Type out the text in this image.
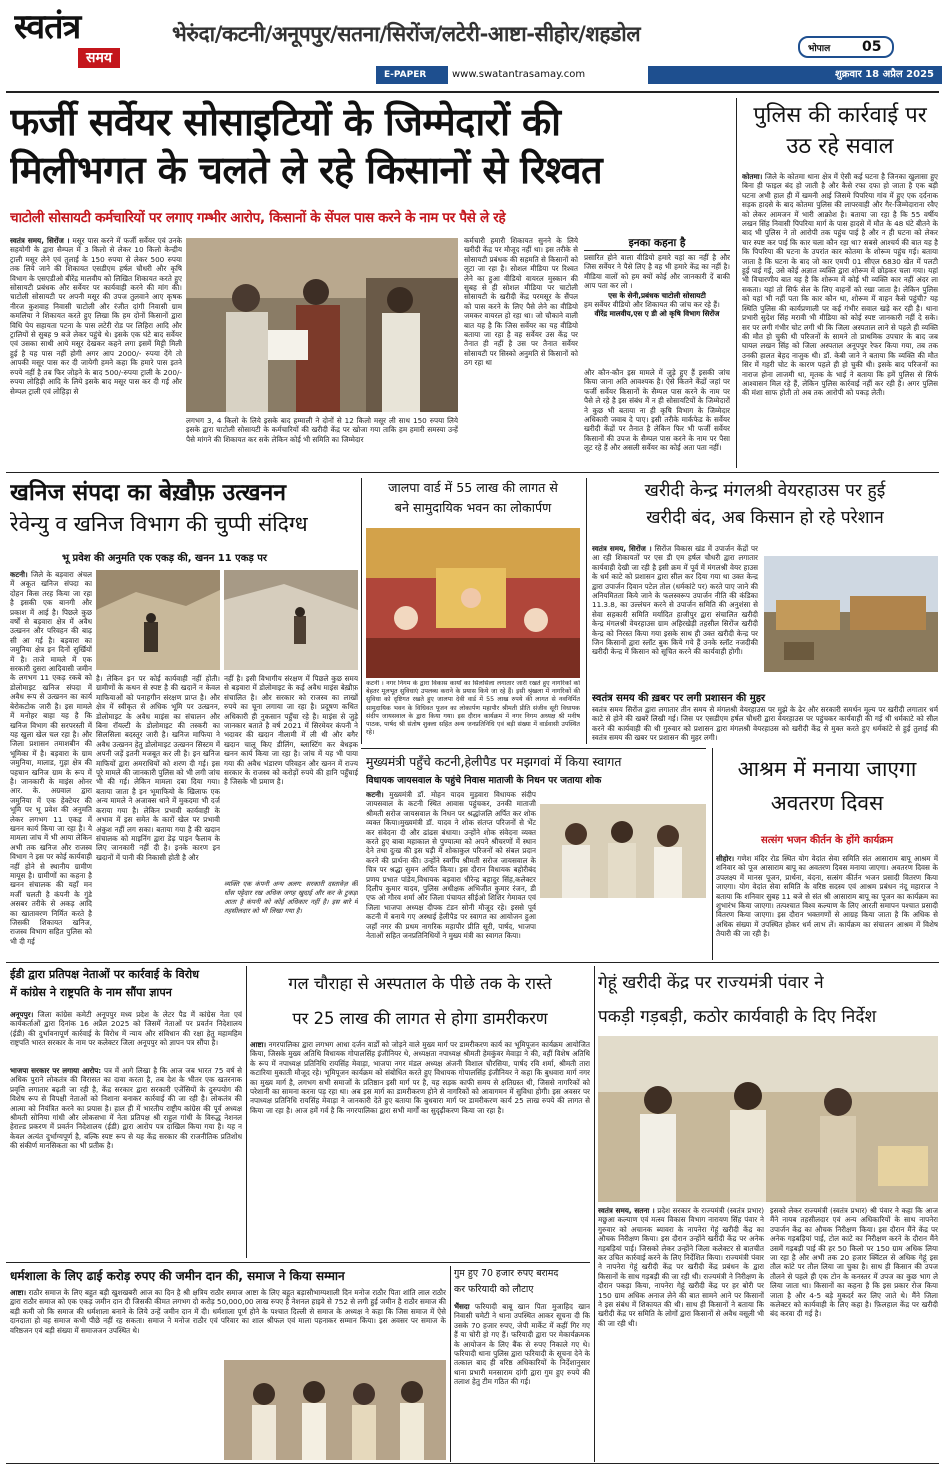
स्वतंत्र
समय
भेरुंदा/कटनी/अनूपपुर/सतना/सिरोंज/लटेरी-आष्टा-सीहोर/शहडोल
भोपाल 05
E-PAPER	www.swatantrasamay.com	शुक्रवार 18 अप्रैल 2025
फर्जी सर्वेयर सोसाइटियों के जिम्मेदारों की
मिलीभगत के चलते ले रहे किसानों से रिश्वत
चाटोली सोसायटी कर्मचारियों पर लगाए गम्भीर आरोप, किसानों के सेंपल पास करने के नाम पर पैसे ले रहे
स्वतंत्र समय, सिरोंज । मसूर पास करने में फर्जी सर्वेयर एवं उनके सहयोगी के द्वारा सैम्पल में 3 किलो से लेकर 10 किलो केन्द्रीय ट्राली मसूर लेने एवं तुलाई के 150 रुपया से लेकर 500 रुपया तक लिये जाने की शिकायत एसडीएम हर्षल चौधरी और कृषि विभाग के एसएडीओ बीरेंद्र मालवीय को लिखित शिकायत करते हुए सोसायटी प्रबंधक और सर्वेयर पर कार्यवाही करने की मांग की। चाटोली सोसायटी पर अपनी मसूर की उपज तुलवाने आए कृषक नीरज कुशवाह निवासी चाटोली और रंजीत दांगी निवासी ग्राम कमलिया ने शिकायत करते हुए लिखा कि हम दोनों किसानों द्वारा विधि पेय सहायता पटना के पास लटेरी रोड पर लिहिरा आदि और ट्रालियों से सुबह 9 बजे लेकर पहुंचे थे। इसके एक घंटे बाद सर्वेयर एवं उसका साथी आये मसूर देखकर कहने लगा इसमें मिट्टी मिली हुई है यह पास नहीं होगी अगर आप 2000/- रुपया देंगे तो आपकी मसूर पास कर दी जायेगी हमने कहा कि हमारे पास इतने रुपये नहीं है तब फिर जोड़ने के बाद 500/-रुपया ट्राली के 200/- रुपया लोहिड़ी आदि के लिये इसके बाद मसूर पास कर दी गई और सेम्पल ट्राली एवं लोहिड़ा से
लगभग 3, 4 किलो के लिये इसके बाद हम्माली ने दोनों से 12 किलो मसूर ली साथ 150 रुपया लिये इसके द्वारा चाटोली सोसायटी के कर्मचारियों की खरीदी केंद्र पर खोजा गया ताकि हम हमारी समस्या उन्हें पैसे मांगने की शिकायत कर सके लेकिन कोई भी समिति का जिम्मेदार
कर्मचारी हमारी शिकायत सुनने के लिये खरीदी केंद्र पर मौजूद नहीं था। इस तरीके से सोसायटी प्रबंधक की सहमति से किसानों को लूटा जा रहा है। सोशल मीडिया पर रिश्वत लेने का हुआ वीडियो वायरल मुस्कान की सुबह से ही सोशल मीडिया पर चाटोली सोसायटी के खरीदी केंद्र परमसूर के सैंपल को पास करने के लिए पैसे लेने का वीडियो जमकर वायरल हो रहा था। जो चौकाने वाली बात यह है कि जिस सर्वेयर का यह वीडियो बताया जा रहा है वह सर्वेयर उस केंद्र पर तैनात ही नहीं है उस पर तैनात सर्वेयर सोसायटी पर सिस्को अनुमति से किसानों को ठग रहा था
इनका कहना है
प्रसारित होने वाला वीडियो हमारे यहां का नहीं है और जिस सर्वेयर ने पैसे लिए है वह भी हमारे केंद्र का नहीं है। मीडिया वालों को हम क्यों कोई और जानकारी दें बाकी आप पता कर लो ।
एस के सेनी,प्रबंधक चाटोली सोसायटी
हम सर्वेयर वीडियो और शिकायत की जांच कर रहे हैं।
वीरेंद्र मालवीय,एस ए डी ओ कृषि विभाग सिरोंज
और कौन-कौन इस मामले में जुड़े हुए हैं इसकी जांच किया जाना अति आवश्यक है। ऐसे कितने केंद्रों जहां पर फर्जी सर्वेयर किसानों के सैम्पल पास करने के नाम पर पैसे ले रहे है इस संबंध में न ही सोसायटियों के जिम्मेदारों ने कुछ भी बताया ना ही कृषि विभाग के जिम्मेदार अधिकारी जवाब दे पाए। इसी तरीके मार्कफेड के सर्वेयर खरीदी केंद्रों पर तैनात है लेकिन फिर भी फर्जी सर्वेयर किसानों की उपज के सैम्पल पास करने के नाम पर पैसा लूट रहे हैं और असली सर्वेयर का कोई अता पता नहीं।
पुलिस की कार्रवाई पर उठ रहे सवाल
कोतमा। जिले के कोतमा थाना क्षेत्र में ऐसी कई घटना है जिनका खुलासा हुए बिना ही फाइल बंद हो जाती है और कैसे रफा दफा हो जाता है एक बड़ी घटना अभी हाल ही में खमनी आई जिसमे पिपरिया गांव में हुए एक दर्दनाक सड़क हादसे के बाद कोतमा पुलिस की लापरवाही और गैर-जिम्मेदाराना रवैए को लेकर आमजन में भारी आक्रोश है। बताया जा रहा है कि 55 वर्षीय लखन सिंह निवासी पिपरिया मार्ग के पास हादसे में मौत के 48 घंटे बीतने के बाद भी पुलिस ने तो आरोपी तक पहुंच पाई है और न ही घटना को लेकर चार स्पष्ट कर पाई कि कार चला कौन रहा था? सबसे आश्चर्य की बात यह है कि पिपरिया की घटना के उपरांत कार कोतमा के शोरूम पहुंच गई। बताया जाता है कि घटना के बाद जो कार एमपी 01 सीएल 6830 खेत में पलटी हुई पाई गई, उसे कोई अज्ञात व्यक्ति द्वारा शोरूम में छोड़कर चला गया। यहां भी विचारणीय बात यह है कि शोरूम में कोई भी व्यक्ति कार नहीं अंदर ला सकता। यहां तो सिर्फ सेल के लिए वाहनों को रखा जाता है। लेकिन पुलिस को यहां भी नहीं पता कि कार कौन था, शोरूम में वाहन कैसे पहुंची? यह स्थिति पुलिस की कार्यप्रणाली पर कई गंभीर सवाल खड़े कर रही है। थाना प्रभारी सुदेश सिंह मरावी भी मीडिया को कोई स्पष्ट जानकारी नहीं दे सके। सर पर लगी गंभीर चोट लगी थी कि जिला अस्पताल लाने से पहले ही व्यक्ति की मौत हो चुकी थी परिजनों के सामने तो प्राथमिक उपचार के बाद जब घायल लखन सिंह को जिला अस्पताल अनूपपुर रेफर किया गया, तब तक उनकी हालत बेहद नाजुक थी। डॉ. केबी जाने ने बताया कि व्यक्ति की मौत सिर में गहरी चोट के कारण पहले ही हो चुकी थी। इसके बाद परिजनों का नाराज होना लाजमी था, मृतक के भाई ने बताया कि हमें पुलिस से सिर्फ आश्वासन मिल रहे हैं, लेकिन पुलिस कार्रवाई नहीं कर रही है। अगर पुलिस की मंशा साफ होती तो अब तक आरोपी को पकड़ लेती।
खनिज संपदा का बेख़ौफ़ उत्खनन
रेवेन्यु व खनिज विभाग की चुप्पी संदिग्ध
भू प्रवेश की अनुमति एक एकड़ की, खनन 11 एकड़ पर
कटनी। जिले के बड़वारा अंचल में अकूत खनिज संपदा का दोहन किस तरह किया जा रहा है इसकी एक बानगी और प्रकाश में आई है। पिछले कुछ वर्षों से बड़वारा क्षेत्र में अवैध उत्खनन और परिवहन की बाढ़ सी आ गई है। बड़वारा का जमुनिया क्षेत्र इन दिनों सुर्खियों में है। ताजे मामले में एक सरकारी दुसरा आदिवासी जमीन के लगभग 11 एकड़ रकबे को डोलोमाइट खनिज संपदा में अवैध रूप से उत्खनन का कार्य बेरोकटोक जारी है। इस मामले में मनोहर बाहा यह है कि खनिज विभाग की सरपरस्ती में यह खुला खेल चल रहा है। और जिला प्रशासन तमाशबीन की भूमिका में है। बड़वारा के ग्राम जमुनिया, मालाड, गुड़ा क्षेत्र की पहचान खनिज ग्राम के रूप में है। जानकारी के माइंस ओनर आर. के. अग्रवाल द्वारा जमुनिया में एक हेक्टेयर की भूमि पर भू प्रवेश की अनुमति लेकर लगभग 11 एकड़ में खनन कार्य किया जा रहा है। ये मामला जांच में भी आया लेकिन अभी तक खनिज और राजस्व विभाग ने इस पर कोई कार्यवाही नहीं होने से स्थानीय ग्रामीण मायूस है। ग्रामीणों का कहना है खनन संचालक की यहाँ मन मर्जी चलती है कंपनी के गुंडे असबर तरीके से अकड़ आदि का खातावरण निर्मित करते है जिसकी शिकायत खनिज, राजस्व विभाग सहित पुलिस को भी दी गई
है। लेकिन इन पर कोई कार्यवाही नहीं होती। ग्रामीणों के कथन से स्पष्ट है की खदानें न केवल माफियाओं को पनाहगीन संरक्षण प्राप्त है। और क्षेत्र में स्वीकृत से अधिक भूमि पर उत्खनन, डोलोमाइट के अवैध माइंस का संचालन और बिना रॉयल्टी के डोलोमाइट की तस्करी का सिलसिला बदस्तूर जारी है। खनिज माफिया ने अवैध उत्खनन हेतु डोलोमाइट उत्खनन सिस्टम में अपनी जड़ें इतनी मजबूत कर ली है। इन खनिज माफियों द्वारा अमराधियों को शरण दी गई। इस पूरे मामले की जानकारी पुलिस को भी लगी जांच भी की गई। लेकिन मामला दबा दिया गया। बताया जाता है इन भूमाफियो के खिलाफ एक अन्य मामले ने अजाक्स थाने में मुकदमा भी दर्ज कराया गया है। लेकिन प्रभावी कार्यवाही के अभाव में इस समेत के कारों खेल पर प्रभावी अंकुश नहीं लग सका। बताया गया है की खदान संचालक को माइनिंग द्वारा डेढ़ पाइन फैलाव के लिए जानकारी नहीं दी है। इनके कारण इन खदानों में पानी की निकासी होती है और
नहीं है। इसी विभागीय संरक्षण में पिछले कुछ समय से बड़वारा में डोलोमाइट के कई अवैध माइंस बेख़ौफ़ संचालित है। और सरकार को राजस्व का लाखों रुपये का चूना लगाया जा रहा है। प्रदूषण कथित अधिकारी ही नुकसान पहुँचा रहे है। माइंस से जुड़े जानकार बताते है वर्ष 2021 में सिरमेयर कंपनी ने भदावर की खदान नीलामी में ली थी और बगैर खदान चालू किए डीलिंग, ब्लास्टिंग कर बेधड़क खनन कार्य किया जा रहा है। जांच में यह भी पाया गया की अवैध भंडारण परिवहन और खनन में राज्य सरकार के राजस्व को करोड़ों रुपये की हानि पहुँचाई है जिसके भी प्रमाण है।
व्यक्ति एक कंपनी अन्य अलग: सरकारी दस्तावेज़ की धोंस पट्टेदार रख अधिक जगह खुदाई और कर के टुकड़ा आता है कंपनी को कोई अधिकार नहीं है। इस बारे में तहसीलदार को भी लिखा गया है।
जालपा वार्ड में 55 लाख की लागत से
बने सामुदायिक भवन का लोकार्पण
कटनी । नगर निगम के द्वारा विकास कार्यों का सिलसिला लगातार जारी रखते हुए नागरिकों को बेहतर मूलभूत सुविधाएं उपलब्ध कराने के प्रयास किये जा रहे हैं। इसी श्रृंखला में नागरिकों की सुविधा को दृष्टिगत रखते हुए जालपा देवी वार्ड में 55 लाख रुपये की लागत से नवनिर्मित सामुदायिक भवन के विधिवत पूजन का लोकार्पण महापौर श्रीमती प्रीति संजीव सूरी विधायक संदीप जायसवाल के द्वारा किया गया। इस दौरान कार्यक्रम में नगर निगम अध्यक्ष श्री मनीष पाठक, पार्षद श्री संतोष शुक्ला सहित अन्य जनप्रतिनिधि एवं बड़ी संख्या में वार्डवासी उपस्थित रहे।
खरीदी केन्द्र मंगलश्री वेयरहाउस पर हुई
खरीदी बंद, अब किसान हो रहे परेशान
स्वतंत्र समय, सिरोंज । सिरोंज विकास खंड में उपार्जन केंद्रों पर आ रही शिकायतों पर एस डी एम हर्षल चौधरी द्वारा लगातार कार्यवाही देखी जा रही है इसी क्रम में पूर्व में मंगलश्री वेयर हाउस के धर्म काटे को प्रशासन द्वारा सील कर दिया गया था उक्त केन्द्र द्वारा उपार्जन दिवान पटेल तोल (धर्मकांटे पर) करते पाए जाने की अनियमितता किये जाने के फलस्वरूप उपार्जन नीति की कंडिका 11.3.8, का उल्लंघन करने से उपार्जन समिति की अनुशंसा से सेवा सहकारी समिति मर्यादित हाजीपुर द्वारा संचालित खरीदी केन्द्र मंगलश्री वेयरहाउस ग्राम अहिरखेड़ी तहसील सिरोंज खरीदी केन्द्र को निरस्त किया गया इसके साथ ही उक्त खरीदी केन्द्र पर जिन किसानों द्वारा स्लॉट बुक किये गये हैं उनके स्लॉट नजदीकी खरीदी केन्द्र में किसान को सूचित करने की कार्यवाही होगी।
स्वतंत्र समय की ख़बर पर लगी प्रशासन की मुहर
स्वतंत्र समय सिरोंज द्वारा लगातार तीन समय से मंगलश्री वेयरहाउस पर मुझे के ढेर और सरकारी समर्थन मूल्य पर खरीदी लगातार धर्म काटे से होने की खबरें लिखी गई। जिस पर एसडीएम हर्षल चौधरी द्वारा वेयरहाउस पर पहुंचकर कार्यवाही की गई थी धर्मकाटे को सील करने की कार्यवाही की थी गुरुवार को प्रशासन द्वारा मंगलश्री वेयरहाउस को खरीदी केंद्र से मुक्त करते हुए धर्मकांटे से हुई तुलाई की स्वतंत्र समय की खबर पर प्रशासन की मुहर लगी।
मुख्यमंत्री पहुँचे कटनी,हेलीपैड पर मझगवां में किया स्वागत
विधायक जायसवाल के पहुंचे निवास माताजी के निधन पर जताया शोक
कटनी। मुख्यमंत्री डॉ. मोहन यादव मुड़वारा विधायक संदीप जायसवाल के कटनी स्थित आवास पहुंचकर, उनकी माताजी श्रीमती सरोज जायसवाल के निधन पर श्रद्धांजलि अर्पित कर शोक व्यक्त किया।मुख्यमंत्री डॉ. यादव ने शोक संतप्त परिजनों से भेंट कर संवेदना दी और ढांढस बंधाया। उन्होंने शोक संवेदना व्यक्त करते हुए बाबा महाकाल से पुण्यात्मा को अपने श्रीचरणों में स्थान देने तथा दुःख की इस घड़ी में शोकाकुल परिजनों को संबल प्रदान करने की प्रार्थना की। उन्होंने स्वर्गीय श्रीमती सरोज जायसवाल के चित्र पर श्रद्धा सुमन अर्पित किया। इस दौरान विधायक बहोरीबंद प्रणय प्रभात पांडेय,विधायक बड़वारा धीरेन्द्र बहादुर सिंह,कलेक्टर दिलीप कुमार यादव, पुलिस अधीक्षक अभिजीत कुमार रंजन, डी एफ ओ गौरव शर्मा और जिला पंचायत सीईओ शिशिर गेमावत एवं जिला भाजपा अध्यक्ष दीपक टंडन सोनी मौजूद रहे। इससे पूर्व कटनी में बनाये गए अस्थाई हेलीपैड पर स्वागत का आयोजन हुआ जहाँ नगर की प्रथम नागरिक महापौर प्रीति सूरी, पार्षद, भाजपा नेताओं सहित जनप्रतिनिधियों ने मुख्य मंत्री का स्वागत किया।
आश्रम में मनाया जाएगा
अवतरण दिवस
सत्संग भजन कीर्तन के होंगे कार्यक्रम
सीहोर। गणेश मंदिर रोड स्थित योग वेदांत सेवा समिति संत आसाराम बापू आश्रम में शनिवार को पूज आसाराम बापू का अवतरण दिवस मनाया जाएगा। अवतरण दिवस के उपलक्ष्य में मानस पूजन, प्रार्थना, वंदना, सत्संग कीर्तन भजन प्रसादी वितरण किया जाएगा। योग वेदांत सेवा समिति के वरिष्ठ सदस्य एवं आश्रम प्रबंधन नंदू महाराज ने बताया कि शनिवार सुबह 11 बजे से संत श्री आसाराम बापू का पूजन का कार्यक्रम का शुभारंभ किया जाएगा। तत्पश्चात विश्व कल्याण के लिए आरती समापन पश्चात प्रसादी वितरण किया जाएगा। इस दौरान भक्तगणों से आग्रह किया जाता है कि अधिक से अधिक संख्या में उपस्थित होकर धर्म लाभ लें। कार्यक्रम का संचालन आश्रम में विशेष तैयारी की जा रही है।
ईडी द्वारा प्रतिपक्ष नेताओं पर कार्रवाई के विरोध
में कांग्रेस ने राष्ट्रपति के नाम सौंपा ज्ञापन
अनूपपुर। जिला कांग्रेस कमेटी अनूपपुर मध्य प्रदेश के लेटर पैड में कांग्रेस नेता एवं कार्यकर्ताओं द्वारा दिनांक 16 अप्रैल 2025 को जिसमें नेताओं पर प्रवर्तन निदेशालय (ईडी) की दुर्भावनापूर्ण कार्रवाई के विरोध में न्याय और संविधान की रक्षा हेतु महामहिम राष्ट्रपति भारत सरकार के नाम पर कलेक्टर जिला अनूपपुर को ज्ञापन पत्र सौंपा है।
भाजपा सरकार पर लगाया आरोप: पत्र में आगे लिखा है कि आज जब भारत 75 वर्ष से अधिक पुराने लोकतंत्र की विरासत का दावा करता है, तब देश के भीतर एक खतरनाक प्रवृत्ति लगातार बढ़ती जा रही है, केंद्र सरकार द्वारा सरकारी एजेंसियों के दुरुपयोग की विशेष रूप से विपक्षी नेताओं को निशाना बनाकर कार्रवाई की जा रही है। लोकतंत्र की आत्मा को नियंत्रित करने का प्रयास है। हाल ही में भारतीय राष्ट्रीय कांग्रेस की पूर्व अध्यक्ष श्रीमती सोनिया गांधी और लोकसभा में नेता प्रतिपक्ष श्री राहुल गांधी के विरुद्ध नेशनल हेराल्ड प्रकरण में प्रवर्तन निदेशालय (ईडी) द्वारा आरोप पत्र दाखिल किया गया है। यह न केवल अत्यंत दुर्भाग्यपूर्ण है, बल्कि स्पष्ट रूप से यह केंद्र सरकार की राजनीतिक प्रतिशोध की संकीर्ण मानसिकता का भी प्रतीक है।
गल चौराहा से अस्पताल के पीछे तक के रास्ते
पर 25 लाख की लागत से होगा डामरीकरण
आष्टा। नगरपालिका द्वारा लगभग आधा दर्जन वार्डों को जोड़ने वाले मुख्य मार्ग पर डामरीकरण कार्य का भूमिपूजन कार्यक्रम आयोजित किया, जिसके मुख्य अतिथि विधायक गोपालसिंह इंजीनियर थे, अध्यक्षता नपाध्यक्ष श्रीमती हेमकुंवर मेवाड़ा ने की, वहीं विशेष अतिथि के रूप में नपाध्यक्ष प्रतिनिधि रायसिंह मेवाड़ा, भाजपा नगर मंडल अध्यक्ष अंजनी विशाल चौरसिया, पार्षद रवि शर्मा, श्रीमती तारा कटारिया मुकाती मौजूद रहे। भूमिपूजन कार्यक्रम को संबोधित करते हुए विधायक गोपालसिंह इंजीनियर ने कहा कि बुधवारा मार्ग नगर का मुख्य मार्ग है, लगभग सभी समाजों के प्रतिष्ठान इसी मार्ग पर है, यह सड़क काफी समय से क्षतिग्रस्त थी, जिससे नागरिकों को परेशानी का सामना करना पड़ रहा था। अब इस मार्ग का डामरीकरण होने से नागरिकों को आवागमन में सुविधा होगी। इस अवसर पर नपाध्यक्ष प्रतिनिधि रायसिंह मेवाड़ा ने जानकारी देते हुए बताया कि बुधवारा मार्ग पर डामरीकरण कार्य 25 लाख रुपये की लागत से किया जा रहा है। आज हमें गर्व है कि नगरपालिका द्वारा सभी मार्गों का सुदृढ़ीकरण किया जा रहा है।
गेहूं खरीदी केंद्र पर राज्यमंत्री पंवार ने
पकड़ी गड़बड़ी, कठोर कार्यवाही के दिए निर्देश
स्वतंत्र समय, सतना । प्रदेश सरकार के राज्यमंत्री (स्वतंत्र प्रभार) मछुआ कल्याण एवं मत्स्य विकास विभाग नारायण सिंह पंवार ने गुरुवार को अचानक ब्यावरा के नापनेरा गेहूं खरीदी केंद्र का औचक निरीक्षण किया। इस दौरान उन्होंने खरीदी केंद्र पर अनेक गड़बड़ियां पाई। जिसको लेकर उन्होंने जिला कलेक्टर से बातचीत कर उचित कार्रवाई करने के लिए निर्देशित किया। राज्यमंत्री पंवार ने नापनेरा गेहूं खरीदी केंद्र पर खरीदी केंद्र प्रबंधन के द्वारा किसानों के साथ गड़बड़ी की जा रही थी। राज्यमंत्री ने निरीक्षण के दौरान पकड़ा किया, नापनेरा गेहूं खरीदी केंद्र पर हर बोरी पर 150 ग्राम अधिक अनाज लेने की बात सामने आने पर किसानों ने इस संबंध में शिकायत की थी। साथ ही किसानों ने बताया कि खरीदी केंद्र पर समिति के लोगों द्वारा किसानों से अवैध वसूली भी की जा रही थी।
इसको लेकर राज्यमंत्री (स्वतंत्र प्रभार) श्री पंवार ने कहा कि आज मैंने नायब तहसीलदार एवं अन्य अधिकारियों के साथ नापनेरा उपार्जन केंद्र का औचक निरीक्षण किया। इस दौरान मैंने केंद्र पर अनेक गड़बड़ियां पाई, टोल काटे का निरीक्षण करने के दौरान मैंने उसमें गड़बड़ी पाई की हर 50 किलो पर 150 ग्राम अधिक लिया जा रहा है और अभी तक 20 हजार क्विंटल से अधिक गेहूं इस तौल कांटे पर तौल लिया जा चुका है। साथ ही किसान की उपज तौलने से पहले ही एक टोन के कनस्तर में उपज का कुछ भाग ले लिया जाता था। किसानों का कहना है कि इस प्रकार रोज किया जाता है और 4-5 बड़े मुकदर्र कर लिए जाते थे। मैंने जिला कलेक्टर को कार्यवाही के लिए कहा है। फ़िलहाल केंद्र पर खरीदी बंद करवा दी गई है।
धर्मशाला के लिए ढाई करोड़ रुपए की जमीन दान की, समाज ने किया सम्मान
आष्टा। राठौर समाज के लिए बहुत बड़ी खुशखबरी आज का दिन है श्री क्षत्रिय राठौर समाज आष्टा के लिए बहुत बड़ासौभाग्यशाली दिन मनोज राठौर पिता शांति लाल राठौर द्वारा राठौर समाज को एक एकड़ जमीन दान दी जिसकी कीमत लगभग दो करोड़ 50,000,00 लाख रुपए है नेशनल हाइवे से 752 से लगी हुई जमीन है राठौर समाज की बड़ी कमी जो कि समाज की धर्मशाला बनाने के लिये उन्हें जमीन दान में दी। धर्मशाला पूर्ण होने के पश्चात दिल्ली से समाज के अध्यक्ष ने कहा कि जिस समाज में ऐसे दानदाता हो वह समाज कभी पीछे नहीं रह सकता। समाज ने मनोज राठौर एवं परिवार का शाल श्रीफल एवं माला पहनाकर सम्मान किया। इस अवसर पर समाज के वरिष्ठजन एवं बड़ी संख्या में समाजजन उपस्थित थे।
गुम हुए 70 हजार रुपए बरामद
कर फरियादी को लौटाए
भैंसदा फरियादी बाबू खान पिता मुजाहिद खान निवासी चमेटी ने थाना उपस्थित आकर सूचना दी कि उसके 70 हजार रुपए, जेपी मार्केट में कहीं गिर गए हैं या चोरी हो गए हैं। फरियादी द्वारा पर मेकार्यक्रमक के आयोजन के लिए बैंक से रुपए निकाले गए थे। फरियादी थाना पुलिस द्वारा फरियादी के सूचना देने के तत्काल बाद ही वरिष्ठ अधिकारियों के निर्देशानुसार थाना प्रभारी मनसाराम दांगी द्वारा गुम हुए रुपये की तलाश हेतु टीम गठित की गई।
